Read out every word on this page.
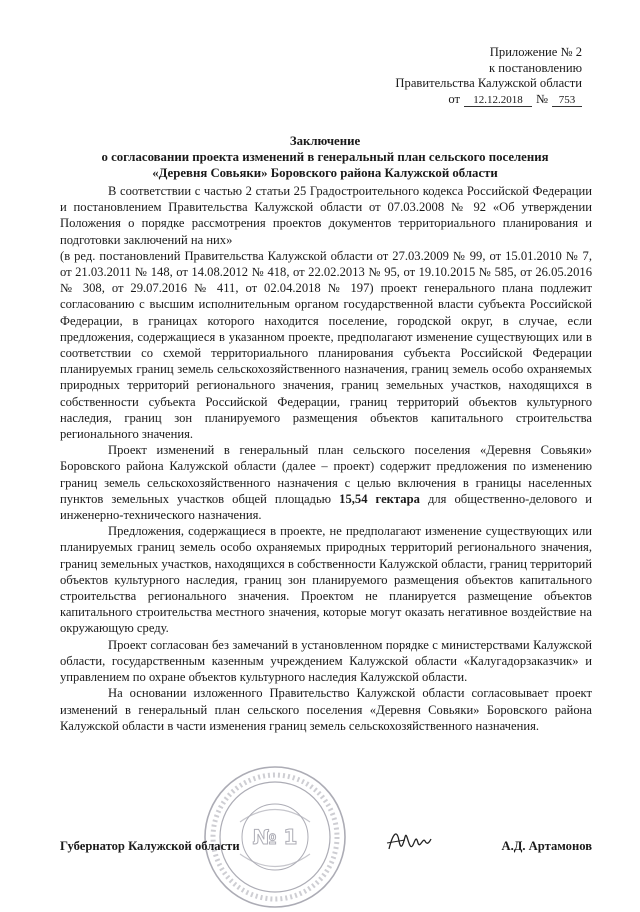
Приложение № 2
к постановлению
Правительства Калужской области
от	12.12.2018	№ 753
Заключение
о согласовании проекта изменений в генеральный план сельского поселения
«Деревня Совьяки» Боровского района Калужской области

В соответствии с частью 2 статьи 25 Градостроительного кодекса Российской Федерации и постановлением Правительства Калужской области от 07.03.2008 № 92 «Об утверждении Положения о порядке рассмотрения проектов документов территориального планирования и подготовки заключений на них»

(в ред. постановлений Правительства Калужской области от 27.03.2009 № 99, от 15.01.2010 № 7, от 21.03.2011 № 148, от 14.08.2012 № 418, от 22.02.2013 № 95, от 19.10.2015 № 585, от 26.05.2016 № 308, от 29.07.2016 № 411, от 02.04.2018 № 197) проект генерального плана подлежит согласованию с высшим исполнительным органом государственной власти субъекта Российской Федерации, в границах которого находится поселение, городской округ, в случае, если предложения, содержащиеся в указанном проекте, предполагают изменение существующих или в соответствии со схемой территориального планирования субъекта Российской Федерации планируемых границ земель сельскохозяйственного назначения, границ земель особо охраняемых природных территорий регионального значения, границ земельных участков, находящихся в собственности субъекта Российской Федерации, границ территорий объектов культурного наследия, границ зон планируемого размещения объектов капитального строительства регионального значения.

Проект изменений в генеральный план сельского поселения «Деревня Совьяки» Боровского района Калужской области (далее – проект) содержит предложения по изменению границ земель сельскохозяйственного назначения с целью включения в границы населенных пунктов земельных участков общей площадью 15,54 гектара для общественно-делового и инженерно-технического назначения.

Предложения, содержащиеся в проекте, не предполагают изменение существующих или планируемых границ земель особо охраняемых природных территорий регионального значения, границ земельных участков, находящихся в собственности Калужской области, границ территорий объектов культурного наследия, границ зон планируемого размещения объектов капитального строительства регионального значения. Проектом не планируется размещение объектов капитального строительства местного значения, которые могут оказать негативное воздействие на окружающую среду.

Проект согласован без замечаний в установленном порядке с министерствами Калужской области, государственным казенным учреждением Калужской области «Калугадорзаказчик» и управлением по охране объектов культурного наследия Калужской области.

На основании изложенного Правительство Калужской области согласовывает проект изменений в генеральный план сельского поселения «Деревня Совьяки» Боровского района Калужской области в части изменения границ земель сельскохозяйственного назначения.

№ 1
Губернатор Калужской области	А.Д. Артамонов
